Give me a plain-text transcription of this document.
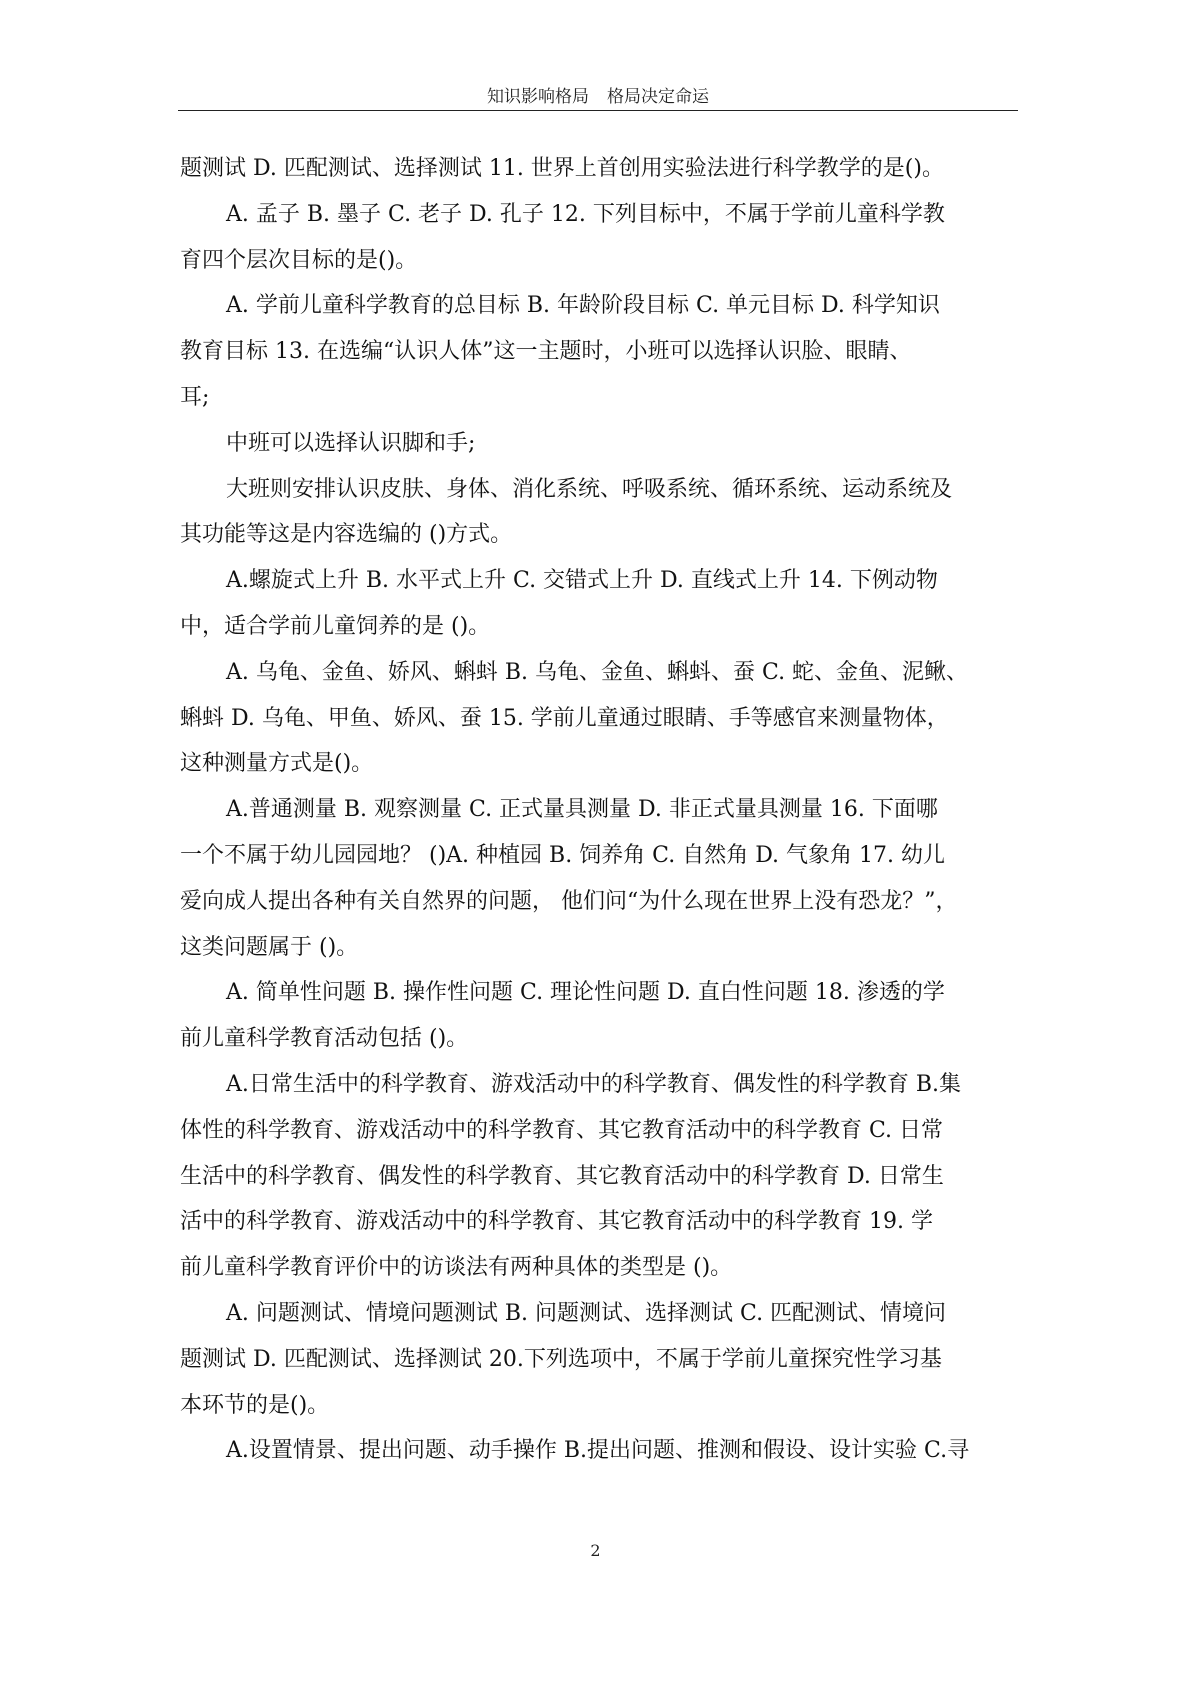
知识影响格局 格局决定命运
题测试 D. 匹配测试、选择测试 11. 世界上首创用实验法进行科学教学的是()。
A. 孟子 B. 墨子 C. 老子 D. 孔子 12. 下列目标中，不属于学前儿童科学教
育四个层次目标的是()。
A. 学前儿童科学教育的总目标 B. 年龄阶段目标 C. 单元目标 D. 科学知识
教育目标 13. 在选编“认识人体”这一主题时，小班可以选择认识脸、眼睛、
耳;
中班可以选择认识脚和手;
大班则安排认识皮肤、身体、消化系统、呼吸系统、循环系统、运动系统及
其功能等这是内容选编的 ()方式。
A.螺旋式上升 B. 水平式上升 C. 交错式上升 D. 直线式上升 14. 下例动物
中，适合学前儿童饲养的是 ()。
A. 乌龟、金鱼、娇风、蝌蚪 B. 乌龟、金鱼、蝌蚪、蚕 C. 蛇、金鱼、泥鳅、
蝌蚪 D. 乌龟、甲鱼、娇风、蚕 15. 学前儿童通过眼睛、手等感官来测量物体，
这种测量方式是()。
A.普通测量 B. 观察测量 C. 正式量具测量 D. 非正式量具测量 16. 下面哪
一个不属于幼儿园园地？ ()A. 种植园 B. 饲养角 C. 自然角 D. 气象角 17. 幼儿
爱向成人提出各种有关自然界的问题， 他们问“为什么现在世界上没有恐龙？”，
这类问题属于 ()。
A. 简单性问题 B. 操作性问题 C. 理论性问题 D. 直白性问题 18. 渗透的学
前儿童科学教育活动包括 ()。
A.日常生活中的科学教育、游戏活动中的科学教育、偶发性的科学教育 B.集
体性的科学教育、游戏活动中的科学教育、其它教育活动中的科学教育 C. 日常
生活中的科学教育、偶发性的科学教育、其它教育活动中的科学教育 D. 日常生
活中的科学教育、游戏活动中的科学教育、其它教育活动中的科学教育 19. 学
前儿童科学教育评价中的访谈法有两种具体的类型是 ()。
A. 问题测试、情境问题测试 B. 问题测试、选择测试 C. 匹配测试、情境问
题测试 D. 匹配测试、选择测试 20.下列选项中，不属于学前儿童探究性学习基
本环节的是()。
A.设置情景、提出问题、动手操作 B.提出问题、推测和假设、设计实验 C.寻
2
